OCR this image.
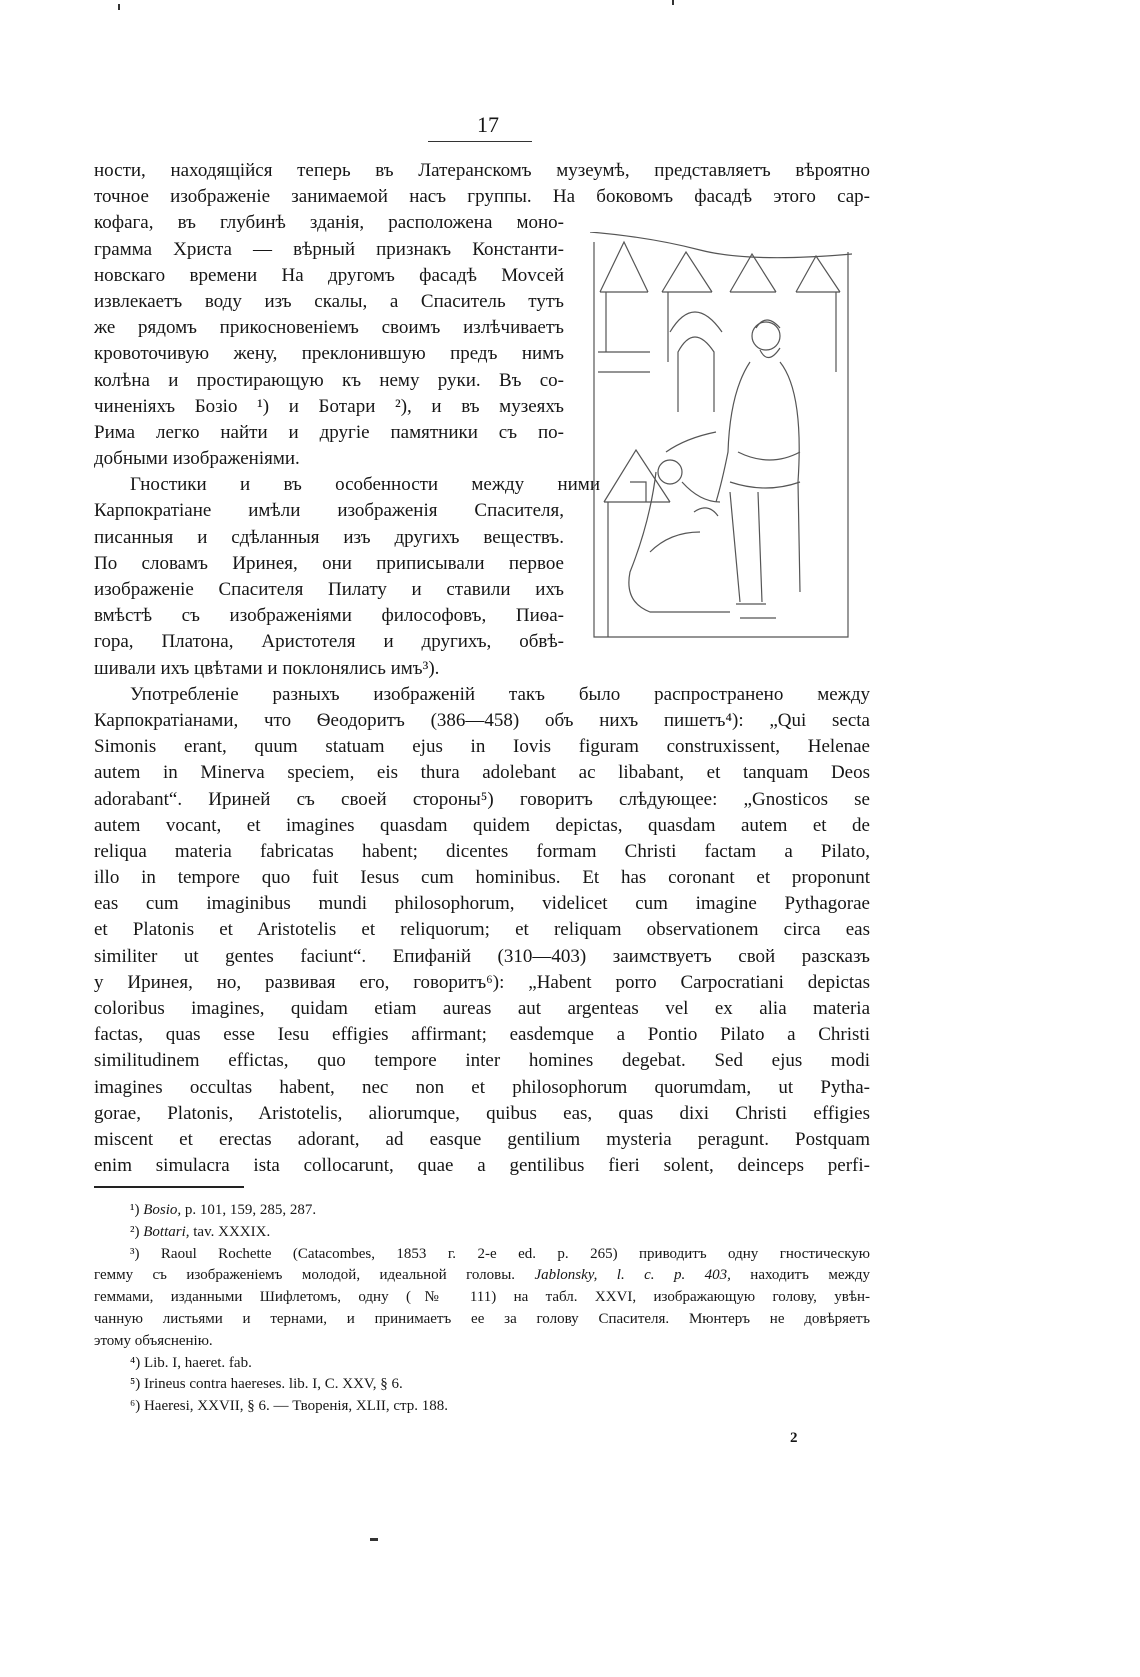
17
ности, находящійся теперь въ Латеранскомъ музеумѣ, представляетъ вѣроятно
точное изображеніе занимаемой насъ группы. На боковомъ фасадѣ этого сар-
кофага, въ глубинѣ зданія, расположена моно-
грамма Христа — вѣрный признакъ Константи-
новскаго времени На другомъ фасадѣ Моvсей
извлекаетъ воду изъ скалы, а Спаситель тутъ
же рядомъ прикосновеніемъ своимъ излѣчиваетъ
кровоточивую жену, преклонившую предъ нимъ
колѣна и простирающую къ нему руки. Въ со-
чиненіяхъ Бозіо ¹) и Ботари ²), и въ музеяхъ
Рима легко найти и другіе памятники съ по-
добными изображеніями.
Гностики и въ особенности между ними
Карпократіане имѣли изображенія Спасителя,
писанныя и сдѣланныя изъ другихъ веществъ.
По словамъ Иринея, они приписывали первое
изображеніе Спасителя Пилату и ставили ихъ
вмѣстѣ съ изображеніями философовъ, Пиѳа-
гора, Платона, Аристотеля и другихъ, обвѣ-
шивали ихъ цвѣтами и поклонялись имъ³).
Употребленіе разныхъ изображеній такъ было распространено между
Карпократіанами, что Ѳеодоритъ (386—458) объ нихъ пишетъ⁴): „Qui secta
Simonis erant, quum statuam ejus in Iovis figuram construxissent, Helenae
autem in Minerva speciem, eis thura adolebant ac libabant, et tanquam Deos
adorabant“. Ириней съ своей стороны⁵) говоритъ слѣдующее: „Gnosticos se
autem vocant, et imagines quasdam quidem depictas, quasdam autem et de
reliqua materia fabricatas habent; dicentes formam Christi factam a Pilato,
illo in tempore quo fuit Iesus cum hominibus. Et has coronant et proponunt
eas cum imaginibus mundi philosophorum, videlicet cum imagine Pythagorae
et Platonis et Aristotelis et reliquorum; et reliquam observationem circa eas
similiter ut gentes faciunt“. Епифаній (310—403) заимствуетъ свой разсказъ
у Иринея, но, развивая его, говоритъ⁶): „Habent porro Carpocratiani depictas
coloribus imagines, quidam etiam aureas aut argenteas vel ex alia materia
factas, quas esse Iesu effigies affirmant; easdemque a Pontio Pilato a Christi
similitudinem effictas, quo tempore inter homines degebat. Sed ejus modi
imagines occultas habent, nec non et philosophorum quorumdam, ut Pytha-
gorae, Platonis, Aristotelis, aliorumque, quibus eas, quas dixi Christi effigies
miscent et erectas adorant, ad easque gentilium mysteria peragunt. Postquam
enim simulacra ista collocarunt, quae a gentilibus fieri solent, deinceps perfi-
¹) Bosio, p. 101, 159, 285, 287.
²) Bottari, tav. XXXIX.
³) Raoul Rochette (Catacombes, 1853 г. 2-е ed. p. 265) приводитъ одну гностическую
гемму съ изображеніемъ молодой, идеальной головы. Jablonsky, l. c. p. 403, находитъ между
геммами, изданными Шифлетомъ, одну (№ 111) на табл. XXVI, изображающую голову, увѣн-
чанную листьями и тернами, и принимаетъ ее за голову Спасителя. Мюнтеръ не довѣряетъ
этому объясненію.
⁴) Lib. I, haeret. fab.
⁵) Irineus contra haereses. lib. I, C. XXV, § 6.
⁶) Haeresi, XXVII, § 6. — Творенія, XLII, стр. 188.
2
